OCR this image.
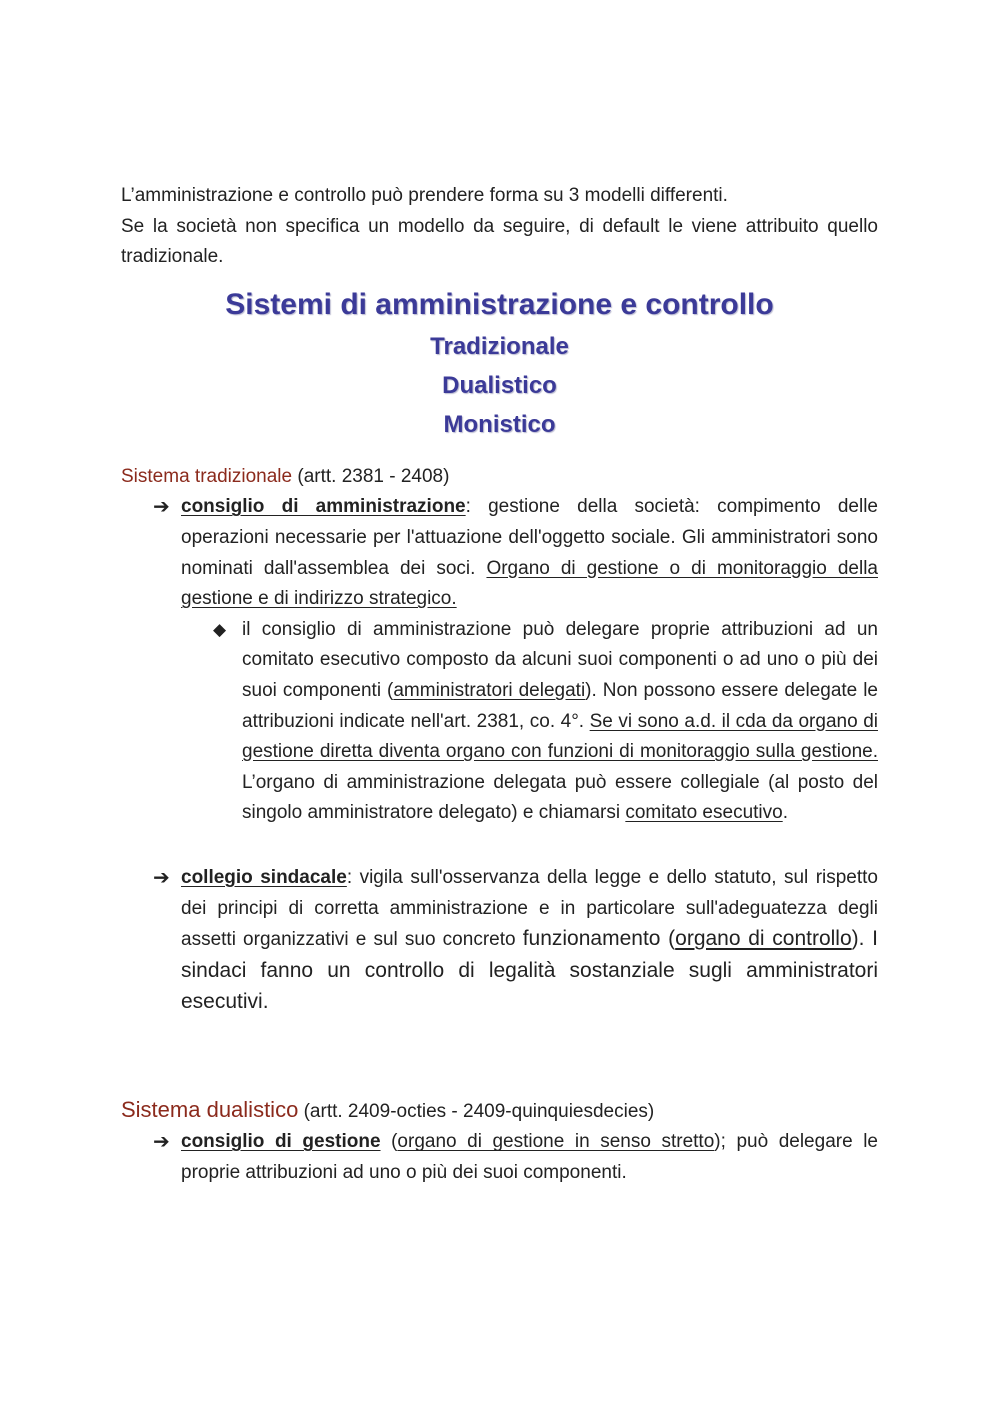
L’amministrazione e controllo può prendere forma su 3 modelli differenti.

Se la società non specifica un modello da seguire, di default le viene attribuito quello tradizionale.

Sistemi di amministrazione e controllo
Tradizionale
Dualistico
Monistico

Sistema tradizionale (artt. 2381 - 2408)

➔ consiglio di amministrazione: gestione della società: compimento delle operazioni necessarie per l'attuazione dell'oggetto sociale. Gli amministratori sono nominati dall'assemblea dei soci. Organo di gestione o di monitoraggio della gestione e di indirizzo strategico.
◆ il consiglio di amministrazione può delegare proprie attribuzioni ad un comitato esecutivo composto da alcuni suoi componenti o ad uno o più dei suoi componenti (amministratori delegati). Non possono essere delegate le attribuzioni indicate nell'art. 2381, co. 4°. Se vi sono a.d. il cda da organo di gestione diretta diventa organo con funzioni di monitoraggio sulla gestione. L’organo di amministrazione delegata può essere collegiale (al posto del singolo amministratore delegato) e chiamarsi comitato esecutivo.
➔ collegio sindacale: vigila sull'osservanza della legge e dello statuto, sul rispetto dei principi di corretta amministrazione e in particolare sull'adeguatezza degli assetti organizzativi e sul suo concreto funzionamento (organo di controllo). I sindaci fanno un controllo di legalità sostanziale sugli amministratori esecutivi.

Sistema dualistico (artt. 2409-octies - 2409-quinquiesdecies)

➔ consiglio di gestione (organo di gestione in senso stretto); può delegare le proprie attribuzioni ad uno o più dei suoi componenti.
